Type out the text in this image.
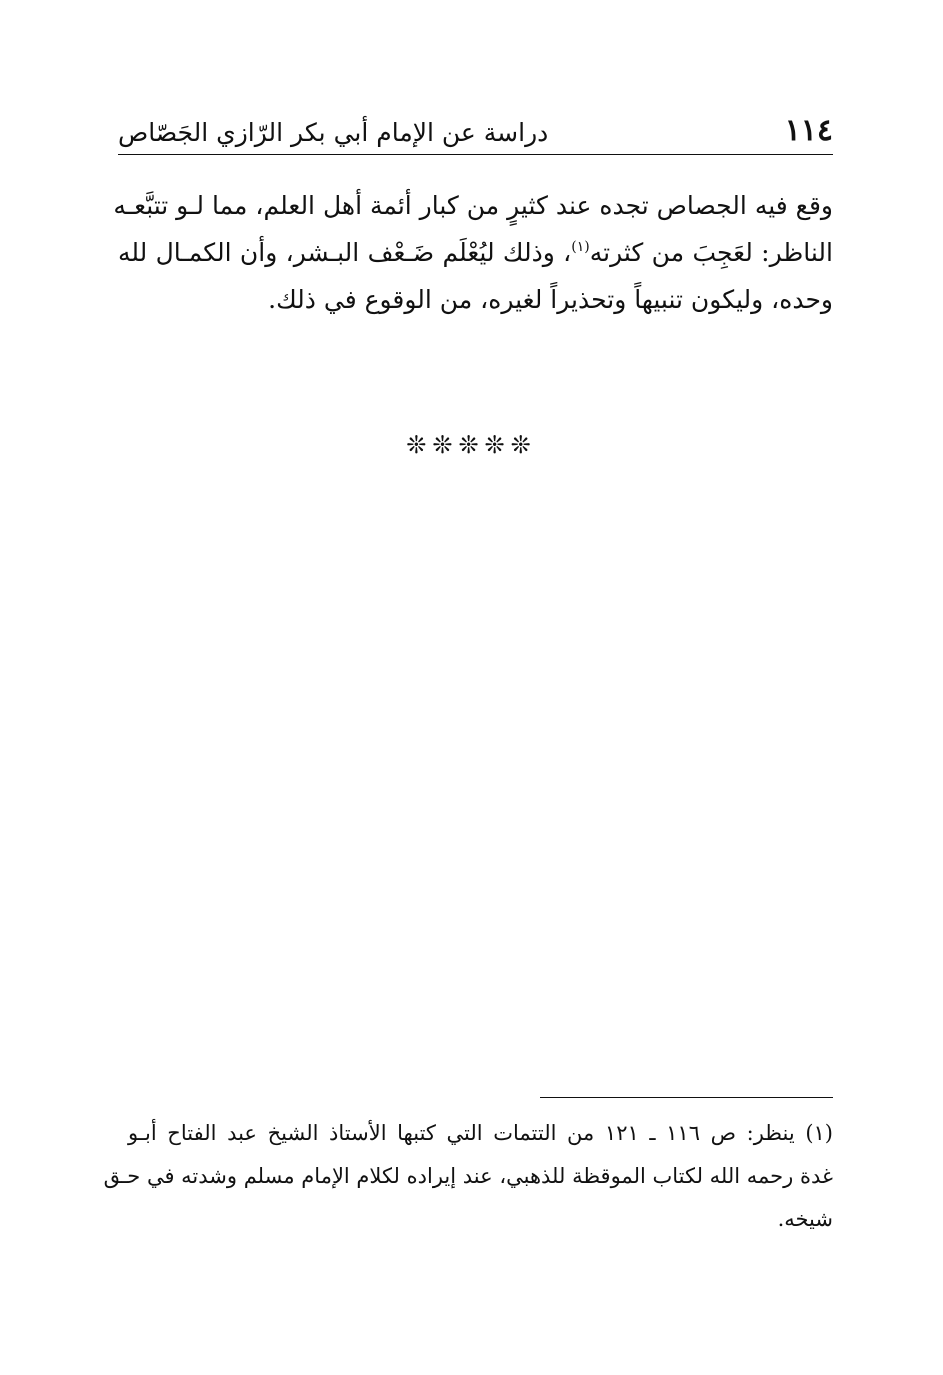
١١٤
دراسة عن الإمام أبي بكر الرّازي الجَصّاص

وقع فيه الجصاص تجده عند كثيرٍ من كبار أئمة أهل العلم، مما لـو تتبَّعـه
الناظر: لعَجِبَ من كثرته$^{(١)}$، وذلك ليُعْلَم ضَـعْف البـشر، وأن الكمـال لله
وحده، وليكون تنبيهاً وتحذيراً لغيره، من الوقوع في ذلك.

❊❊❊❊❊

(١) ينظر: ص ١١٦ ـ ١٢١ من التتمات التي كتبها الأستاذ الشيخ عبد الفتاح أبـو
غدة رحمه الله لكتاب الموقظة للذهبي، عند إيراده لكلام الإمام مسلم وشدته في حـق
شيخه.
